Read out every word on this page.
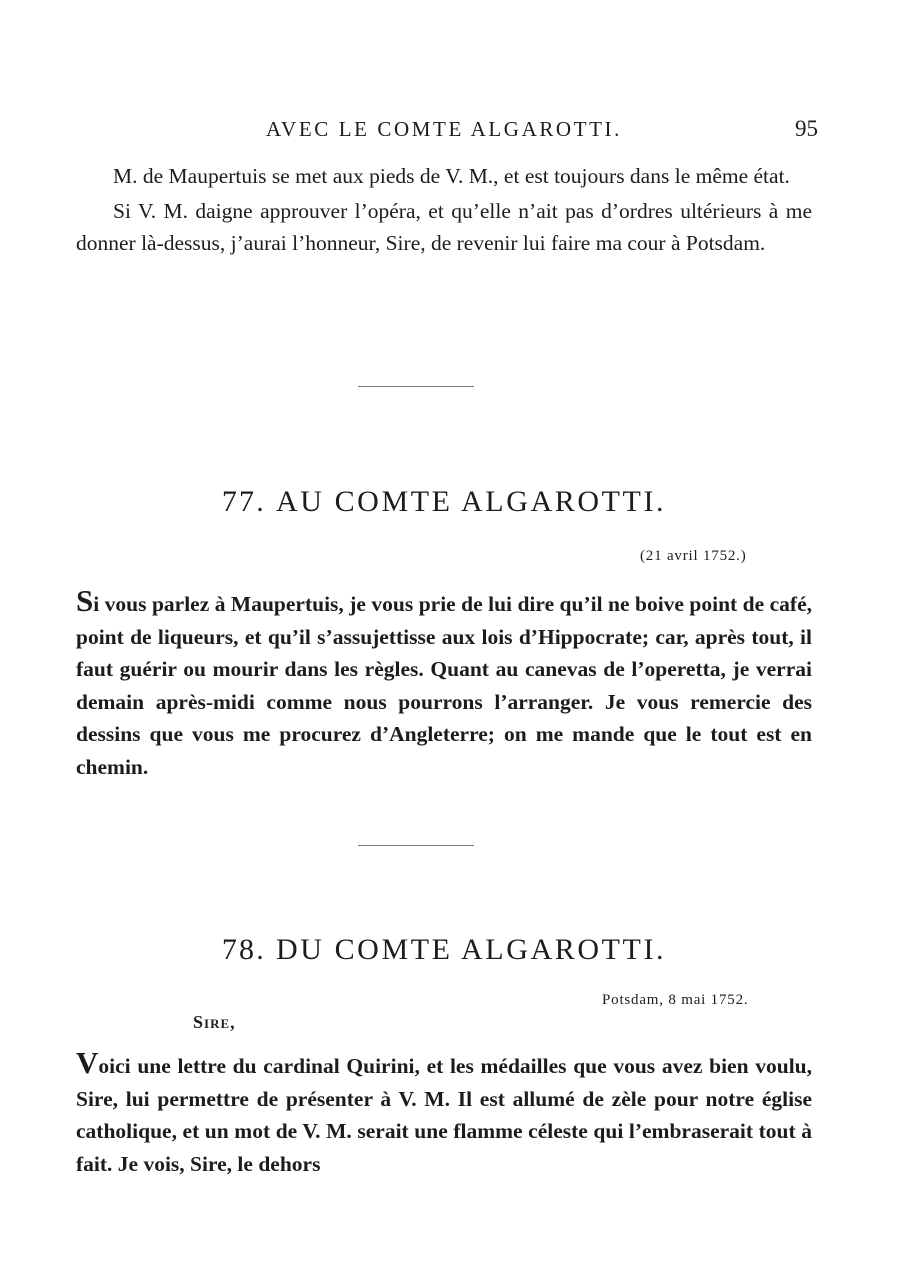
AVEC LE COMTE ALGAROTTI.	95

M. de Maupertuis se met aux pieds de V. M., et est toujours dans le même état.

Si V. M. daigne approuver l’opéra, et qu’elle n’ait pas d’ordres ultérieurs à me donner là-dessus, j’aurai l’honneur, Sire, de revenir lui faire ma cour à Potsdam.

77. AU COMTE ALGAROTTI.
(21 avril 1752.)

Si vous parlez à Maupertuis, je vous prie de lui dire qu’il ne boive point de café, point de liqueurs, et qu’il s’assujettisse aux lois d’Hippocrate; car, après tout, il faut guérir ou mourir dans les règles. Quant au canevas de l’operetta, je verrai demain après-midi comme nous pourrons l’arranger. Je vous remercie des dessins que vous me procurez d’Angleterre; on me mande que le tout est en chemin.

78. DU COMTE ALGAROTTI.
Potsdam, 8 mai 1752.
Sire,

Voici une lettre du cardinal Quirini, et les médailles que vous avez bien voulu, Sire, lui permettre de présenter à V. M. Il est allumé de zèle pour notre église catholique, et un mot de V. M. serait une flamme céleste qui l’embraserait tout à fait. Je vois, Sire, le dehors
